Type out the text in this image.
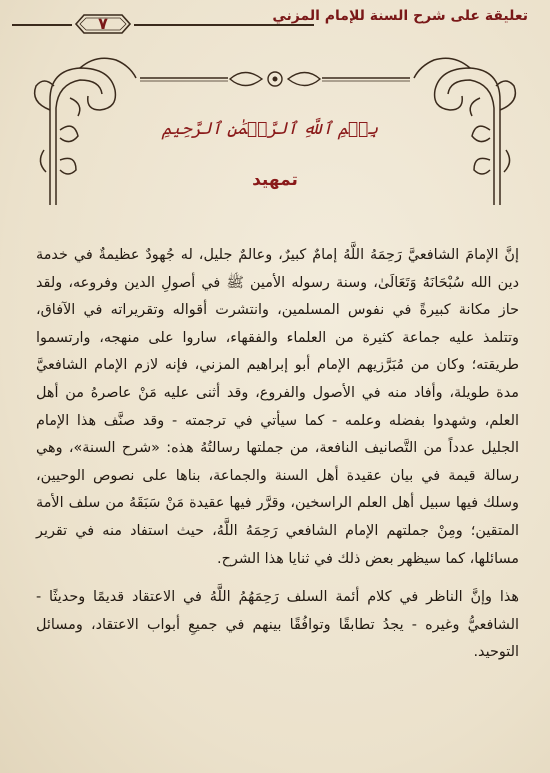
٧	تعليقة على شرح السنة للإمام المزني
بِسۡمِ ٱللَّهِ ٱلرَّحۡمَٰنِ ٱلرَّحِيمِ
تمهيد

إنَّ الإمامَ الشافعيَّ رَحِمَهُ اللَّهُ إمامٌ كبيرٌ، وعالمٌ جليل، له جُهودٌ عظيمةٌ في خدمة دين الله سُبْحَانَهُ وَتَعَالَىٰ، وسنة رسوله الأمين ﷺ في أصولِ الدين وفروعه، ولقد حاز مكانة كبيرةً في نفوس المسلمين، وانتشرت أقواله وتقريراته في الآفاق، وتتلمذ عليه جماعة كثيرة من العلماء والفقهاء، ساروا على منهجه، وارتسموا طريقته؛ وكان من مُبَرَّزيهم الإمام أبو إبراهيم المزني، فإنه لازم الإمام الشافعيَّ مدة طويلة، وأفاد منه في الأصول والفروع، وقد أثنى عليه مَنْ عاصرهُ من أهل العلم، وشهدوا بفضله وعلمه - كما سيأتي في ترجمته - وقد صنَّف هذا الإمام الجليل عدداً من التَّصانيف النافعة، من جملتها رسالتُهُ هذه: «شرح السنة»، وهي رسالة قيمة في بيان عقيدة أهل السنة والجماعة، بناها على نصوص الوحيين، وسلك فيها سبيل أهل العلم الراسخين، وقرَّر فيها عقيدة مَنْ سَبَقَهُ من سلف الأمة المتقين؛ ومِنْ جملتهم الإمام الشافعي رَحِمَهُ اللَّهُ، حيث استفاد منه في تقرير مسائلها، كما سيظهر بعض ذلك في ثنايا هذا الشرح.

هذا وإنَّ الناظر في كلام أئمة السلف رَحِمَهُمُ اللَّهُ في الاعتقاد قديمًا وحديثًا - الشافعيُّ وغيره - يجدُ تطابقًا وتوافُقًا بينهم في جميعِ أبواب الاعتقاد، ومسائل التوحيد.
